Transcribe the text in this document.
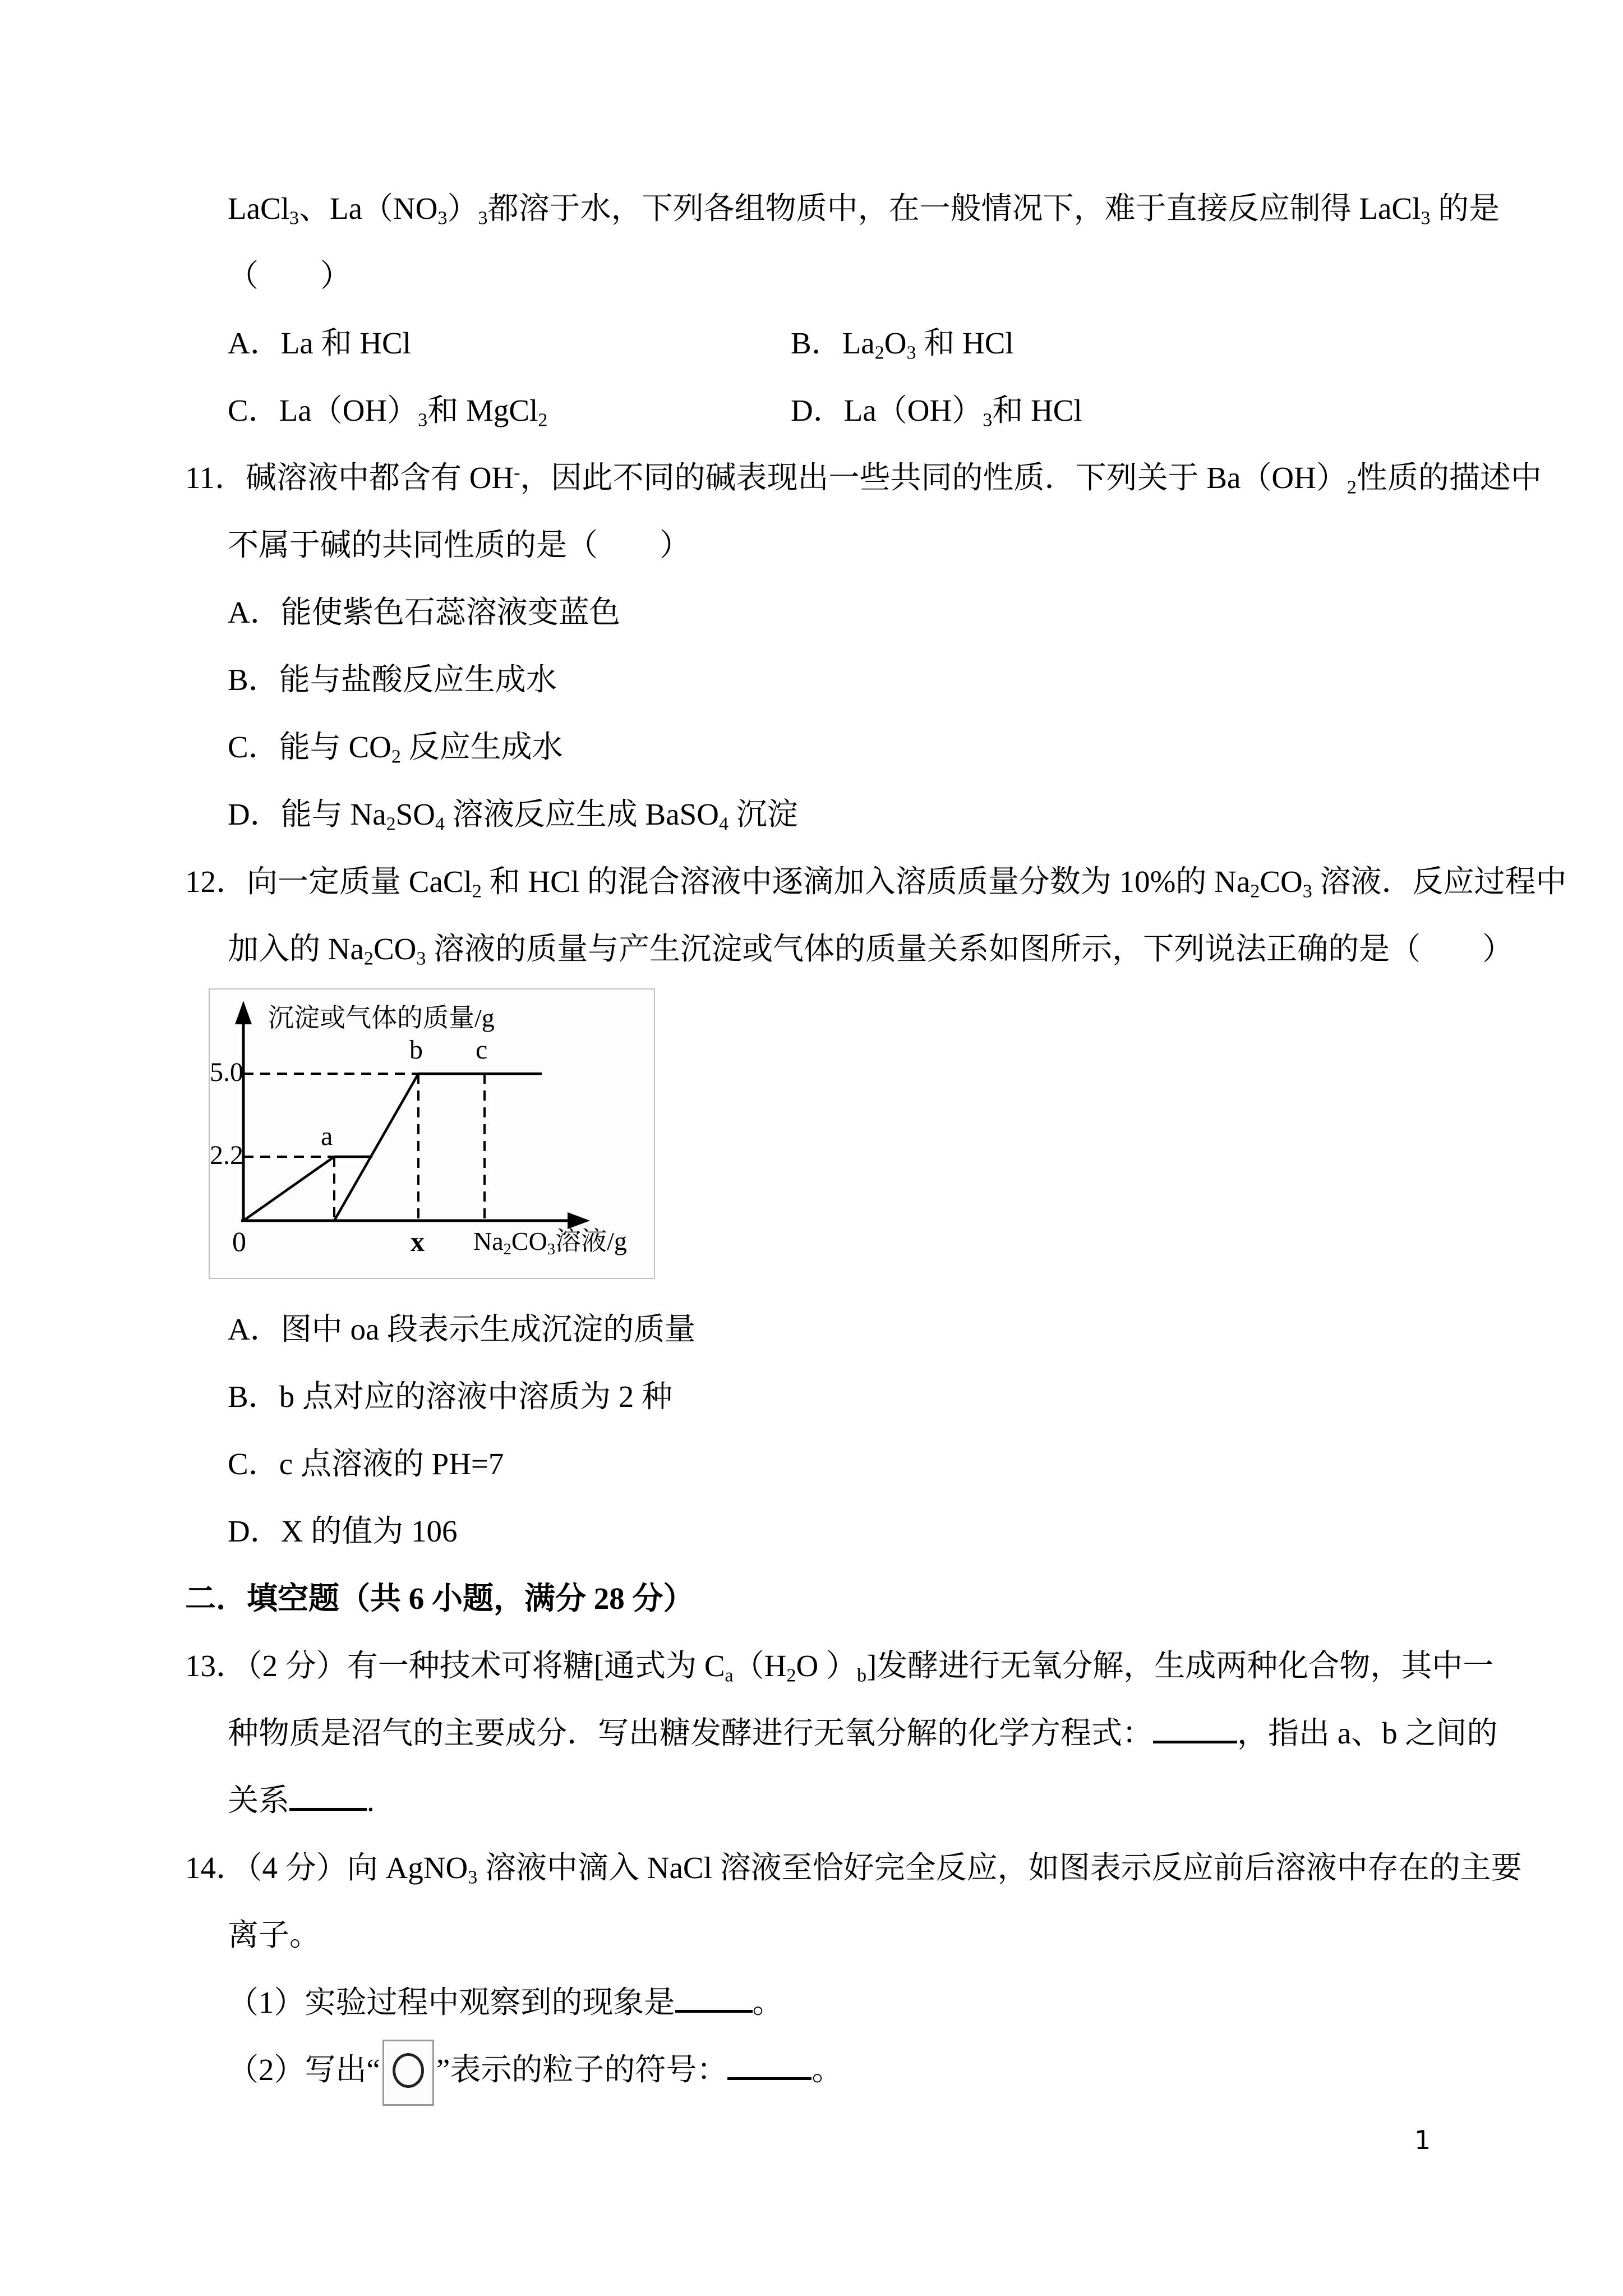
LaCl$_3$、$La(NO_3)_3$都溶于水，下列各组物质中，在一般情况下，难于直接反应制得 LaCl$_3$ 的是
（　　）
A．La 和 HCl	B．$La_2O_3$ 和 HCl
C．$La(OH)_3$和 MgCl$_2$	D．$La(OH)_3$和 HCl
11．碱溶液中都含有 OH-，因此不同的碱表现出一些共同的性质．下列关于 $Ba(OH)_2$性质的描述中
不属于碱的共同性质的是（　　）
A．能使紫色石蕊溶液变蓝色
B．能与盐酸反应生成水
C．能与 $CO_2$ 反应生成水
D．能与 $Na_2SO_4$ 溶液反应生成 BaSO$_4$ 沉淀
12．向一定质量 CaCl$_2$ 和 HCl 的混合溶液中逐滴加入溶质质量分数为 10%的 $Na_2CO_3$ 溶液．反应过程中
加入的 $Na_2CO_3$ 溶液的质量与产生沉淀或气体的质量关系如图所示，下列说法正确的是（　　）
沉淀或气体的质量/g
5.0
2.2
a
b c
0	x $Na_2CO_3$溶液/g
A．图中 oa 段表示生成沉淀的质量
B．b 点对应的溶液中溶质为 2 种
C．c 点溶液的 PH=7
D．X 的值为 106
二．填空题（共 6 小题，满分 28 分）
13．（2 分）有一种技术可将糖[通式为 $C_a(H_2O$ ）$_b$]发酵进行无氧分解，生成两种化合物，其中一
种物质是沼气的主要成分．写出糖发酵进行无氧分解的化学方程式：	，指出 a、b 之间的
关系	.
14．（4 分）向 AgNO$_3$ 溶液中滴入 NaCl 溶液至恰好完全反应，如图表示反应前后溶液中存在的主要
离子。
（1）实验过程中观察到的现象是	。
（2）写出“ ”表示的粒子的符号：	。
1
